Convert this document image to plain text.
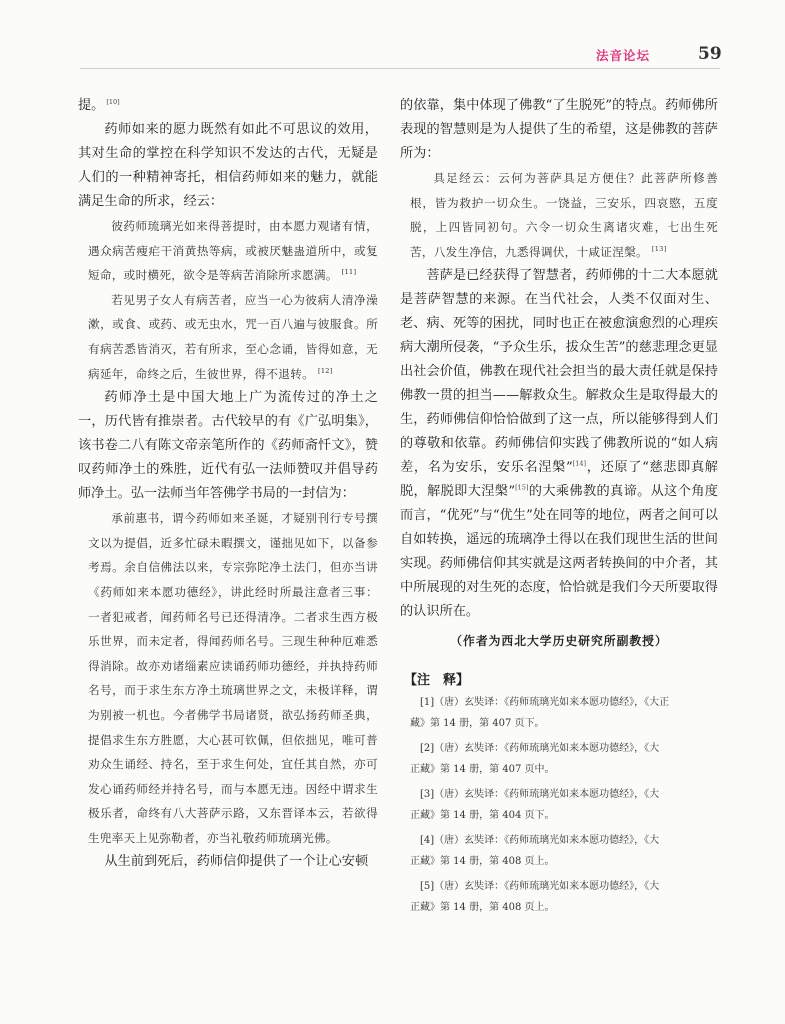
法音论坛	59

提。 [10]

药师如来的愿力既然有如此不可思议的效用，其对生命的掌控在科学知识不发达的古代，无疑是人们的一种精神寄托，相信药师如来的魅力，就能满足生命的所求，经云：

彼药师琉璃光如来得菩提时，由本愿力观诸有情，遇众病苦瘦疟干消黄热等病，或被厌魅蛊道所中，或复短命，或时横死，欲令是等病苦消除所求愿满。 [11]

若见男子女人有病苦者，应当一心为彼病人清净澡漱，或食、或药、或无虫水，咒一百八遍与彼服食。所有病苦悉皆消灭，若有所求，至心念诵，皆得如意，无病延年，命终之后，生彼世界，得不退转。 [12]

药师净土是中国大地上广为流传过的净土之一，历代皆有推崇者。古代较早的有《广弘明集》，该书卷二八有陈文帝亲笔所作的《药师斋忏文》，赞叹药师净土的殊胜，近代有弘一法师赞叹并倡导药师净土。弘一法师当年答佛学书局的一封信为：

承前惠书，谓今药师如来圣诞，才疑别刊行专号撰文以为提倡，近多忙碌未暇撰文，谨拙见如下，以备参考焉。余自信佛法以来，专宗弥陀净土法门，但亦当讲《药师如来本愿功德经》，讲此经时所最注意者三事：一者犯戒者，闻药师名号已还得清净。二者求生西方极乐世界，而未定者，得闻药师名号。三现生种种厄难悉得消除。故亦劝诸缁素应读诵药师功德经，并执持药师名号，而于求生东方净土琉璃世界之文，未极详释，谓为别被一机也。今者佛学书局诸贤，欲弘扬药师圣典，提倡求生东方胜愿，大心甚可钦佩，但依拙见，唯可普劝众生诵经、持名，至于求生何处，宜任其自然，亦可发心诵药师经并持名号，而与本愿无违。因经中谓求生极乐者，命终有八大菩萨示路，又东晋译本云，若欲得生兜率天上见弥勒者，亦当礼敬药师琉璃光佛。

从生前到死后，药师信仰提供了一个让心安顿

的依靠，集中体现了佛教“了生脱死”的特点。药师佛所表现的智慧则是为人提供了生的希望，这是佛教的菩萨所为：

具足经云：云何为菩萨具足方便住？此菩萨所修善根，皆为救护一切众生。一饶益，三安乐，四哀愍，五度脱，上四皆同初句。六令一切众生离诸灾难，七出生死苦，八发生净信，九悉得调伏，十咸证涅槃。 [13]

菩萨是已经获得了智慧者，药师佛的十二大本愿就是菩萨智慧的来源。在当代社会，人类不仅面对生、老、病、死等的困扰，同时也正在被愈演愈烈的心理疾病大潮所侵袭，“予众生乐，拔众生苦”的慈悲理念更显出社会价值，佛教在现代社会担当的最大责任就是保持佛教一贯的担当——解救众生。解救众生是取得最大的生，药师佛信仰恰恰做到了这一点，所以能够得到人们的尊敬和依靠。药师佛信仰实践了佛教所说的“如人病差，名为安乐，安乐名涅槃”[14]，还原了“慈悲即真解脱，解脱即大涅槃”[15]的大乘佛教的真谛。从这个角度而言，“优死”与“优生”处在同等的地位，两者之间可以自如转换，遥远的琉璃净土得以在我们现世生活的世间实现。药师佛信仰其实就是这两者转换间的中介者，其中所展现的对生死的态度，恰恰就是我们今天所要取得的认识所在。

（作者为西北大学历史研究所副教授）

【注　释】

[1]（唐）玄奘译：《药师琉璃光如来本愿功德经》，《大正
藏》第 14 册，第 407 页下。

[2]（唐）玄奘译：《药师琉璃光如来本愿功德经》，《大
正藏》第 14 册，第 407 页中。

[3]（唐）玄奘译：《药师琉璃光如来本愿功德经》，《大
正藏》第 14 册，第 404 页下。

[4]（唐）玄奘译：《药师琉璃光如来本愿功德经》，《大
正藏》第 14 册，第 408 页上。

[5]（唐）玄奘译：《药师琉璃光如来本愿功德经》，《大
正藏》第 14 册，第 408 页上。
